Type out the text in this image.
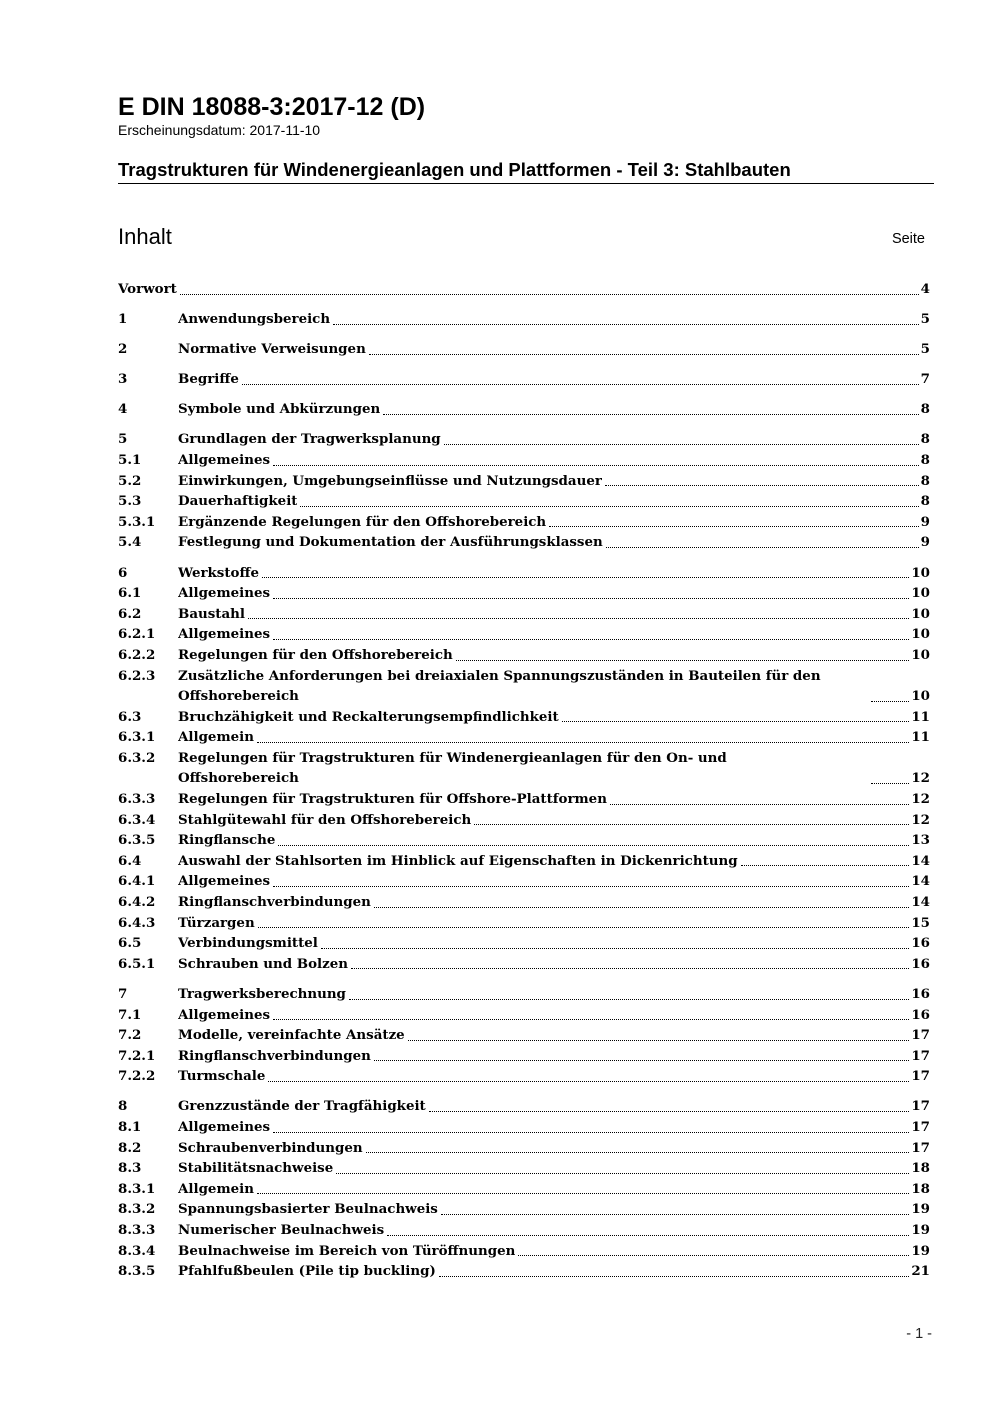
E DIN 18088-3:2017-12 (D)
Erscheinungsdatum: 2017-11-10
Tragstrukturen für Windenergieanlagen und Plattformen - Teil 3: Stahlbauten
Inhalt	Seite
Vorwort	4
1	Anwendungsbereich	5
2	Normative Verweisungen	5
3	Begriffe	7
4	Symbole und Abkürzungen	8
5	Grundlagen der Tragwerksplanung	8
5.1	Allgemeines	8
5.2	Einwirkungen, Umgebungseinflüsse und Nutzungsdauer	8
5.3	Dauerhaftigkeit	8
5.3.1	Ergänzende Regelungen für den Offshorebereich	9
5.4	Festlegung und Dokumentation der Ausführungsklassen	9
6	Werkstoffe	10
6.1	Allgemeines	10
6.2	Baustahl	10
6.2.1	Allgemeines	10
6.2.2	Regelungen für den Offshorebereich	10
6.2.3	Zusätzliche Anforderungen bei dreiaxialen Spannungszuständen in Bauteilen für den
Offshorebereich	10
6.3	Bruchzähigkeit und Reckalterungsempfindlichkeit	11
6.3.1	Allgemein	11
6.3.2	Regelungen für Tragstrukturen für Windenergieanlagen für den On- und
Offshorebereich	12
6.3.3	Regelungen für Tragstrukturen für Offshore-Plattformen	12
6.3.4	Stahlgütewahl für den Offshorebereich	12
6.3.5	Ringflansche	13
6.4	Auswahl der Stahlsorten im Hinblick auf Eigenschaften in Dickenrichtung	14
6.4.1	Allgemeines	14
6.4.2	Ringflanschverbindungen	14
6.4.3	Türzargen	15
6.5	Verbindungsmittel	16
6.5.1	Schrauben und Bolzen	16
7	Tragwerksberechnung	16
7.1	Allgemeines	16
7.2	Modelle, vereinfachte Ansätze	17
7.2.1	Ringflanschverbindungen	17
7.2.2	Turmschale	17
8	Grenzzustände der Tragfähigkeit	17
8.1	Allgemeines	17
8.2	Schraubenverbindungen	17
8.3	Stabilitätsnachweise	18
8.3.1	Allgemein	18
8.3.2	Spannungsbasierter Beulnachweis	19
8.3.3	Numerischer Beulnachweis	19
8.3.4	Beulnachweise im Bereich von Türöffnungen	19
8.3.5	Pfahlfußbeulen (Pile tip buckling)	21
- 1 -
